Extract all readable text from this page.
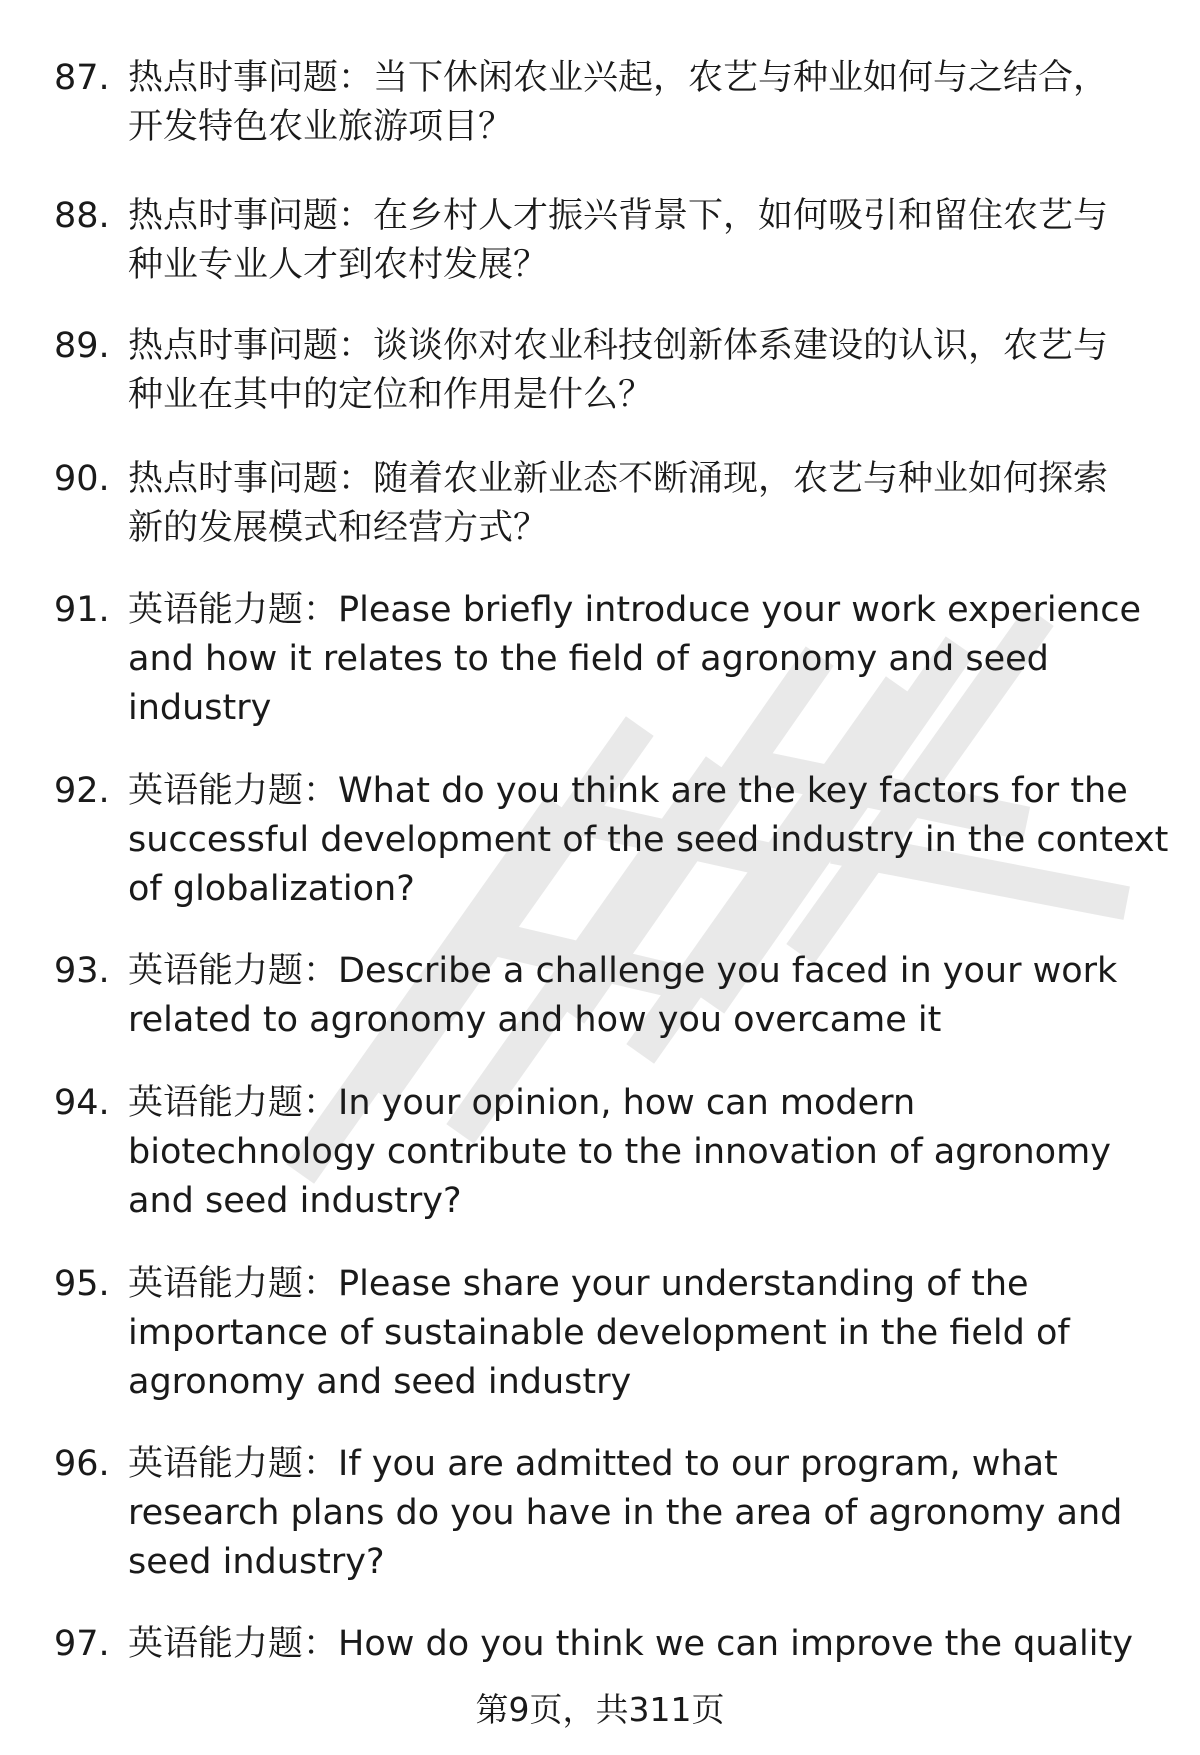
87. 热点时事问题：当下休闲农业兴起，农艺与种业如何与之结合，
开发特色农业旅游项目？
88. 热点时事问题：在乡村人才振兴背景下，如何吸引和留住农艺与
种业专业人才到农村发展？
89. 热点时事问题：谈谈你对农业科技创新体系建设的认识，农艺与
种业在其中的定位和作用是什么？
90. 热点时事问题：随着农业新业态不断涌现，农艺与种业如何探索
新的发展模式和经营方式？
91. 英语能力题：Please briefly introduce your work experience
and how it relates to the field of agronomy and seed
industry
92. 英语能力题：What do you think are the key factors for the
successful development of the seed industry in the context
of globalization?
93. 英语能力题：Describe a challenge you faced in your work
related to agronomy and how you overcame it
94. 英语能力题：In your opinion, how can modern
biotechnology contribute to the innovation of agronomy
and seed industry?
95. 英语能力题：Please share your understanding of the
importance of sustainable development in the field of
agronomy and seed industry
96. 英语能力题：If you are admitted to our program, what
research plans do you have in the area of agronomy and
seed industry?
97. 英语能力题：How do you think we can improve the quality
第9页，共311页
